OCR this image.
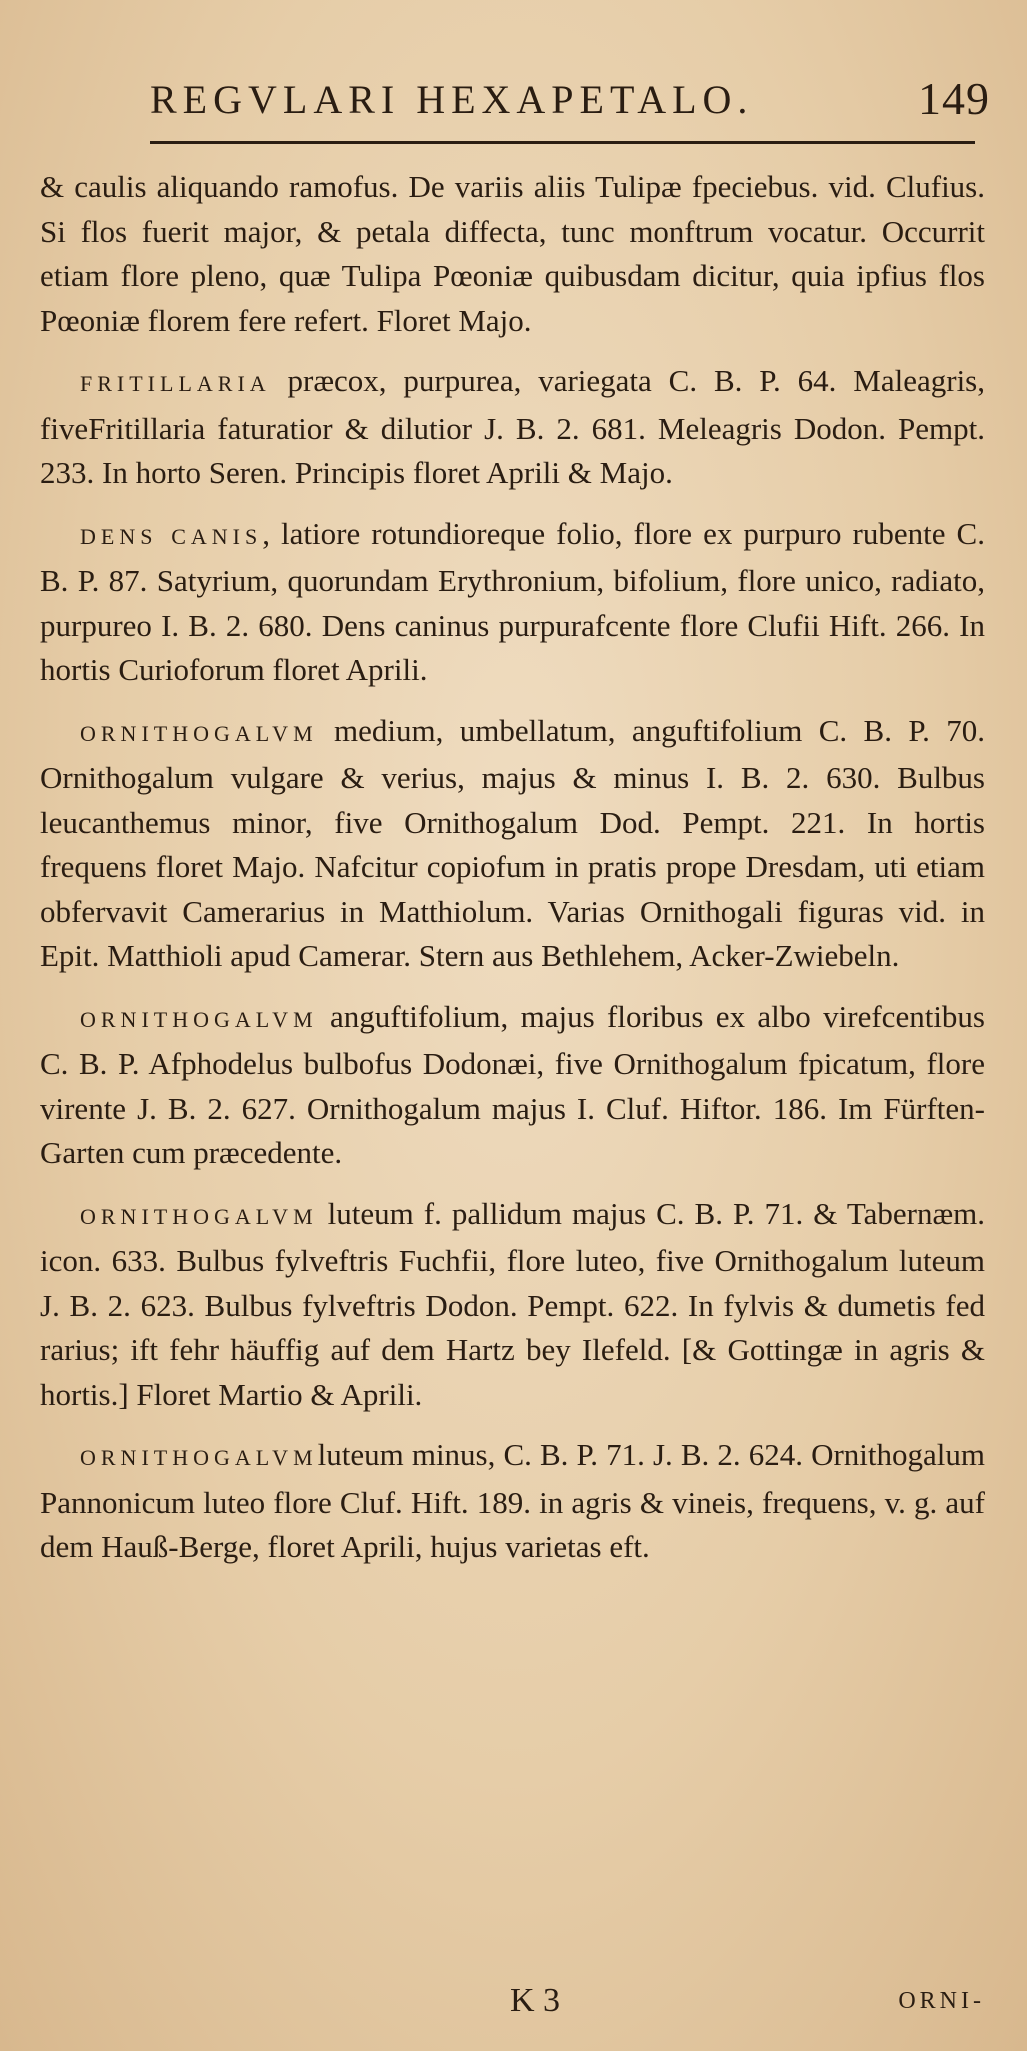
REGVLARI HEXAPETALO.	149

& caulis aliquando ramofus. De variis aliis Tulipæ fpeciebus. vid. Clufius. Si flos fuerit major, & petala diffecta, tunc monftrum vocatur. Occurrit etiam flore pleno, quæ Tulipa Pœoniæ quibusdam dicitur, quia ipfius flos Pœoniæ florem fere refert. Floret Majo.

FRITILLARIA præcox, purpurea, variegata C. B. P. 64. Maleagris, fiveFritillaria faturatior & dilutior J. B. 2. 681. Meleagris Dodon. Pempt. 233. In horto Seren. Principis floret Aprili & Majo.

DENS CANIS, latiore rotundioreque folio, flore ex purpuro rubente C. B. P. 87. Satyrium, quorundam Erythronium, bifolium, flore unico, radiato, purpureo I. B. 2. 680. Dens caninus purpurafcente flore Clufii Hift. 266. In hortis Curioforum floret Aprili.

ORNITHOGALVM medium, umbellatum, anguftifolium C. B. P. 70. Ornithogalum vulgare & verius, majus & minus I. B. 2. 630. Bulbus leucanthemus minor, five Ornithogalum Dod. Pempt. 221. In hortis frequens floret Majo. Nafcitur copiofum in pratis prope Dresdam, uti etiam obfervavit Camerarius in Matthiolum. Varias Ornithogali figuras vid. in Epit. Matthioli apud Camerar. Stern aus Bethlehem, Acker-Zwiebeln.

ORNITHOGALVM anguftifolium, majus floribus ex albo virefcentibus C. B. P. Afphodelus bulbofus Dodonæi, five Ornithogalum fpicatum, flore virente J. B. 2. 627. Ornithogalum majus I. Cluf. Hiftor. 186. Im Fürften-Garten cum præcedente.

ORNITHOGALVM luteum f. pallidum majus C. B. P. 71. & Tabernæm. icon. 633. Bulbus fylveftris Fuchfii, flore luteo, five Ornithogalum luteum J. B. 2. 623. Bulbus fylveftris Dodon. Pempt. 622. In fylvis & dumetis fed rarius; ift fehr häuffig auf dem Hartz bey Ilefeld. [& Gottingæ in agris & hortis.] Floret Martio & Aprili.

ORNITHOGALVMluteum minus, C. B. P. 71. J. B. 2. 624. Ornithogalum Pannonicum luteo flore Cluf. Hift. 189. in agris & vineis, frequens, v. g. auf dem Hauß-Berge, floret Aprili, hujus varietas eft.

K 3	ORNI-
